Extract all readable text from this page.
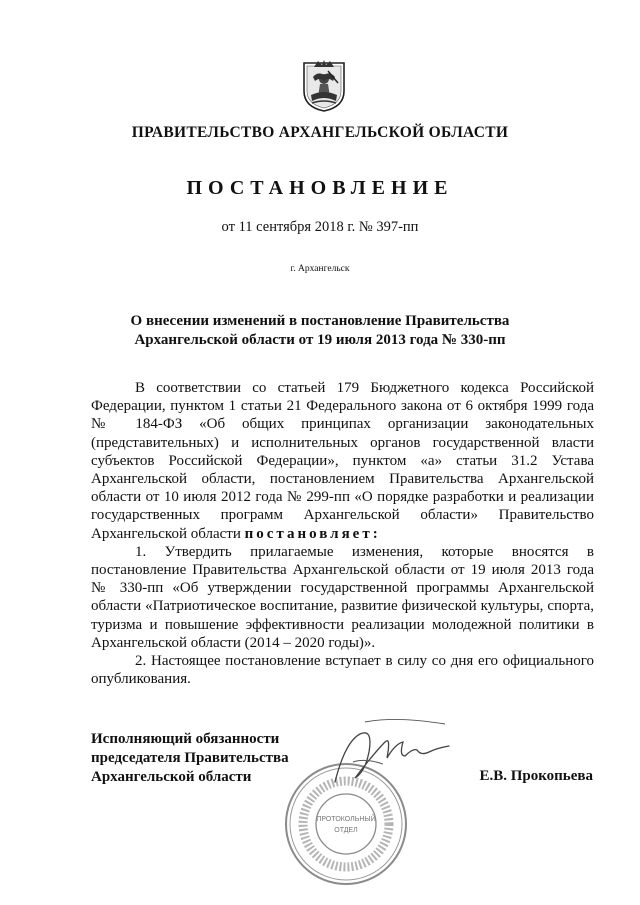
ПРАВИТЕЛЬСТВО АРХАНГЕЛЬСКОЙ ОБЛАСТИ
ПОСТАНОВЛЕНИЕ
от 11 сентября 2018 г. № 397-пп
г. Архангельск
О внесении изменений в постановление Правительства
Архангельской области от 19 июля 2013 года № 330-пп

В соответствии со статьей 179 Бюджетного кодекса Российской Федерации, пунктом 1 статьи 21 Федерального закона от 6 октября 1999 года № 184-ФЗ «Об общих принципах организации законодательных (представительных) и исполнительных органов государственной власти субъектов Российской Федерации», пунктом «а» статьи 31.2 Устава Архангельской области, постановлением Правительства Архангельской области от 10 июля 2012 года № 299-пп «О порядке разработки и реализации государственных программ Архангельской области» Правительство Архангельской области постановляет:

1. Утвердить прилагаемые изменения, которые вносятся в постановление Правительства Архангельской области от 19 июля 2013 года № 330-пп «Об утверждении государственной программы Архангельской области «Патриотическое воспитание, развитие физической культуры, спорта, туризма и повышение эффективности реализации молодежной политики в Архангельской области (2014 – 2020 годы)».

2. Настоящее постановление вступает в силу со дня его официального опубликования.

Исполняющий обязанности
председателя Правительства
Архангельской области
ПРОТОКОЛЬНЫЙ
ОТДЕЛ
Е.В. Прокопьева
